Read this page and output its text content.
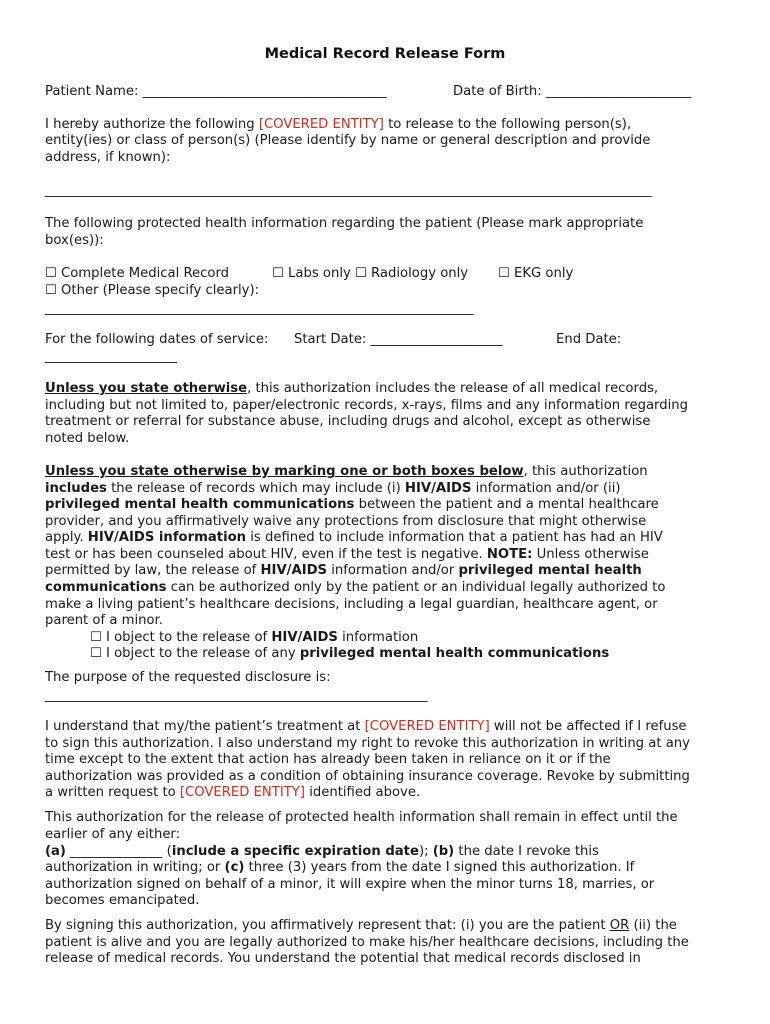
Medical Record Release Form
Patient Name: _____________________________________	Date of Birth: ______________________
I hereby authorize the following [COVERED ENTITY] to release to the following person(s),
entity(ies) or class of person(s) (Please identify by name or general description and provide
address, if known):
____________________________________________________________________________________________
The following protected health information regarding the patient (Please mark appropriate
box(es)):
☐ Complete Medical Record	☐ Labs only ☐ Radiology only ☐ EKG only
☐ Other (Please specify clearly):
_________________________________________________________________
For the following dates of service: Start Date: ____________________	End Date:
____________________
Unless you state otherwise, this authorization includes the release of all medical records,
including but not limited to, paper/electronic records, x-rays, films and any information regarding
treatment or referral for substance abuse, including drugs and alcohol, except as otherwise
noted below.
Unless you state otherwise by marking one or both boxes below, this authorization
includes the release of records which may include (i) HIV/AIDS information and/or (ii)
privileged mental health communications between the patient and a mental healthcare
provider, and you affirmatively waive any protections from disclosure that might otherwise
apply. HIV/AIDS information is defined to include information that a patient has had an HIV
test or has been counseled about HIV, even if the test is negative. NOTE: Unless otherwise
permitted by law, the release of HIV/AIDS information and/or privileged mental health
communications can be authorized only by the patient or an individual legally authorized to
make a living patient’s healthcare decisions, including a legal guardian, healthcare agent, or
parent of a minor.
☐ I object to the release of HIV/AIDS information
☐ I object to the release of any privileged mental health communications
The purpose of the requested disclosure is:
__________________________________________________________
I understand that my/the patient’s treatment at [COVERED ENTITY] will not be affected if I refuse
to sign this authorization. I also understand my right to revoke this authorization in writing at any
time except to the extent that action has already been taken in reliance on it or if the
authorization was provided as a condition of obtaining insurance coverage. Revoke by submitting
a written request to [COVERED ENTITY] identified above.
This authorization for the release of protected health information shall remain in effect until the
earlier of any either:
(a) ______________ (include a specific expiration date); (b) the date I revoke this
authorization in writing; or (c) three (3) years from the date I signed this authorization. If
authorization signed on behalf of a minor, it will expire when the minor turns 18, marries, or
becomes emancipated.
By signing this authorization, you affirmatively represent that: (i) you are the patient OR (ii) the
patient is alive and you are legally authorized to make his/her healthcare decisions, including the
release of medical records. You understand the potential that medical records disclosed in
